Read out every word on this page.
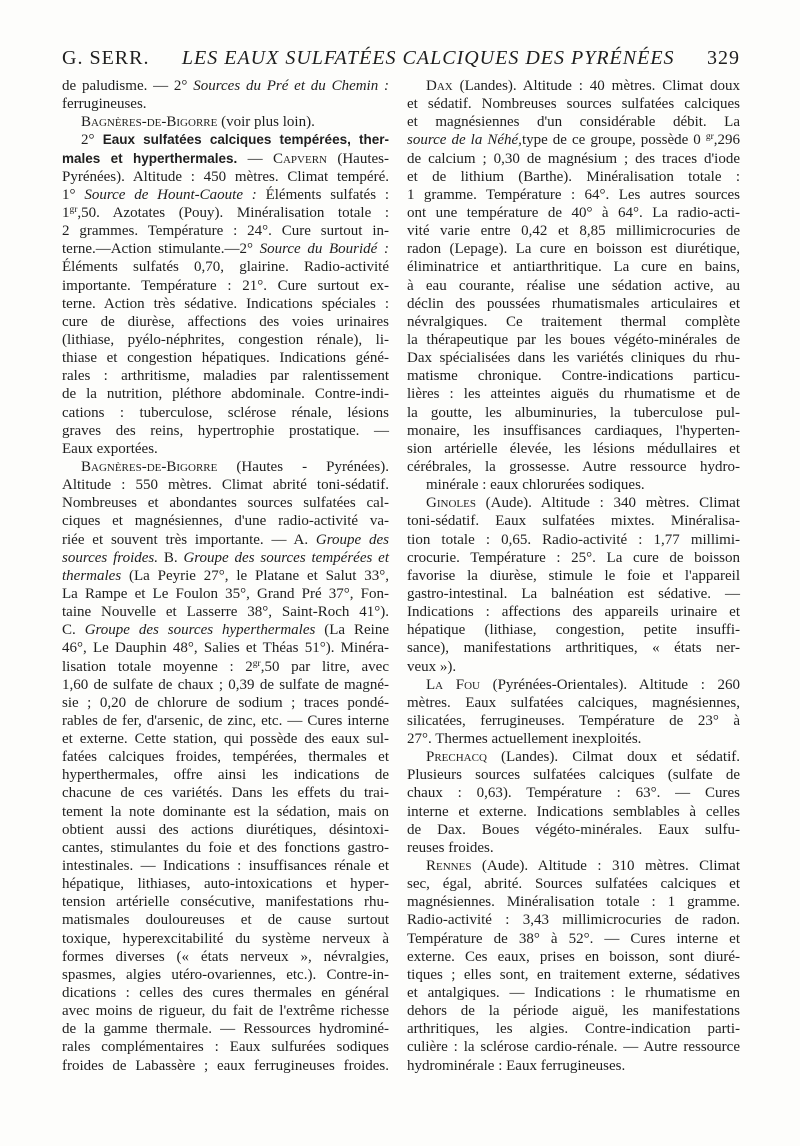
G. SERR. LES EAUX SULFATÉES CALCIQUES DES PYRÉNÉES 329
de paludisme. — 2° Sources du Pré et du Chemin :
ferrugineuses.
Bagnères-de-Bigorre (voir plus loin).
2° Eaux sulfatées calciques tempérées, ther-
males et hyperthermales. — Capvern (Hautes-
Pyrénées). Altitude : 450 mètres. Climat tempéré.
1° Source de Hount-Caoute : Éléments sulfatés :
$1^{gr},50$. Azotates (Pouy). Minéralisation totale :
2 grammes. Température : 24°. Cure surtout in-
terne.—Action stimulante.—2° Source du Bouridé :
Éléments sulfatés 0,70, glairine. Radio-activité
importante. Température : 21°. Cure surtout ex-
terne. Action très sédative. Indications spéciales :
cure de diurèse, affections des voies urinaires
(lithiase, pyélo-néphrites, congestion rénale), li-
thiase et congestion hépatiques. Indications géné-
rales : arthritisme, maladies par ralentissement
de la nutrition, pléthore abdominale. Contre-indi-
cations : tuberculose, sclérose rénale, lésions
graves des reins, hypertrophie prostatique. —
Eaux exportées.
Bagnères-de-Bigorre (Hautes - Pyrénées).
Altitude : 550 mètres. Climat abrité toni-sédatif.
Nombreuses et abondantes sources sulfatées cal-
ciques et magnésiennes, d'une radio-activité va-
riée et souvent très importante. — A. Groupe des
sources froides. B. Groupe des sources tempérées et
thermales (La Peyrie 27°, le Platane et Salut 33°,
La Rampe et Le Foulon 35°, Grand Pré 37°, Fon-
taine Nouvelle et Lasserre 38°, Saint-Roch 41°).
C. Groupe des sources hyperthermales (La Reine
46°, Le Dauphin 48°, Salies et Théas 51°). Minéra-
lisation totale moyenne : $2^{gr},50$ par litre, avec
1,60 de sulfate de chaux ; 0,39 de sulfate de magné-
sie ; 0,20 de chlorure de sodium ; traces pondé-
rables de fer, d'arsenic, de zinc, etc. — Cures interne
et externe. Cette station, qui possède des eaux sul-
fatées calciques froides, tempérées, thermales et
hyperthermales, offre ainsi les indications de
chacune de ces variétés. Dans les effets du trai-
tement la note dominante est la sédation, mais on
obtient aussi des actions diurétiques, désintoxi-
cantes, stimulantes du foie et des fonctions gastro-
intestinales. — Indications : insuffisances rénale et
hépatique, lithiases, auto-intoxications et hyper-
tension artérielle consécutive, manifestations rhu-
matismales douloureuses et de cause surtout
toxique, hyperexcitabilité du système nerveux à
formes diverses (« états nerveux », névralgies,
spasmes, algies utéro-ovariennes, etc.). Contre-in-
dications : celles des cures thermales en général
avec moins de rigueur, du fait de l'extrême richesse
de la gamme thermale. — Ressources hydrominé-
rales complémentaires : Eaux sulfurées sodiques
froides de Labassère ; eaux ferrugineuses froides.
Dax (Landes). Altitude : 40 mètres. Climat doux
et sédatif. Nombreuses sources sulfatées calciques
et magnésiennes d'un considérable débit. La
source de la Néhé,type de ce groupe, possède 0 $^{gr}$,296
de calcium ; 0,30 de magnésium ; des traces d'iode
et de lithium (Barthe). Minéralisation totale :
1 gramme. Température : 64°. Les autres sources
ont une température de 40° à 64°. La radio-acti-
vité varie entre 0,42 et 8,85 millimicrocuries de
radon (Lepage). La cure en boisson est diurétique,
éliminatrice et antiarthritique. La cure en bains,
à eau courante, réalise une sédation active, au
déclin des poussées rhumatismales articulaires et
névralgiques. Ce traitement thermal complète
la thérapeutique par les boues végéto-minérales de
Dax spécialisées dans les variétés cliniques du rhu-
matisme chronique. Contre-indications particu-
lières : les atteintes aiguës du rhumatisme et de
la goutte, les albuminuries, la tuberculose pul-
monaire, les insuffisances cardiaques, l'hyperten-
sion artérielle élevée, les lésions médullaires et
cérébrales, la grossesse. Autre ressource hydro-
minérale : eaux chlorurées sodiques.
Ginoles (Aude). Altitude : 340 mètres. Climat
toni-sédatif. Eaux sulfatées mixtes. Minéralisa-
tion totale : 0,65. Radio-activité : 1,77 millimi-
crocurie. Température : 25°. La cure de boisson
favorise la diurèse, stimule le foie et l'appareil
gastro-intestinal. La balnéation est sédative. —
Indications : affections des appareils urinaire et
hépatique (lithiase, congestion, petite insuffi-
sance), manifestations arthritiques, « états ner-
veux »).
La Fou (Pyrénées-Orientales). Altitude : 260
mètres. Eaux sulfatées calciques, magnésiennes,
silicatées, ferrugineuses. Température de 23° à
27°. Thermes actuellement inexploités.
Prechacq (Landes). Cilmat doux et sédatif.
Plusieurs sources sulfatées calciques (sulfate de
chaux : 0,63). Température : 63°. — Cures
interne et externe. Indications semblables à celles
de Dax. Boues végéto-minérales. Eaux sulfu-
reuses froides.
Rennes (Aude). Altitude : 310 mètres. Climat
sec, égal, abrité. Sources sulfatées calciques et
magnésiennes. Minéralisation totale : 1 gramme.
Radio-activité : 3,43 millimicrocuries de radon.
Température de 38° à 52°. — Cures interne et
externe. Ces eaux, prises en boisson, sont diuré-
tiques ; elles sont, en traitement externe, sédatives
et antalgiques. — Indications : le rhumatisme en
dehors de la période aiguë, les manifestations
arthritiques, les algies. Contre-indication parti-
culière : la sclérose cardio-rénale. — Autre ressource
hydrominérale : Eaux ferrugineuses.
